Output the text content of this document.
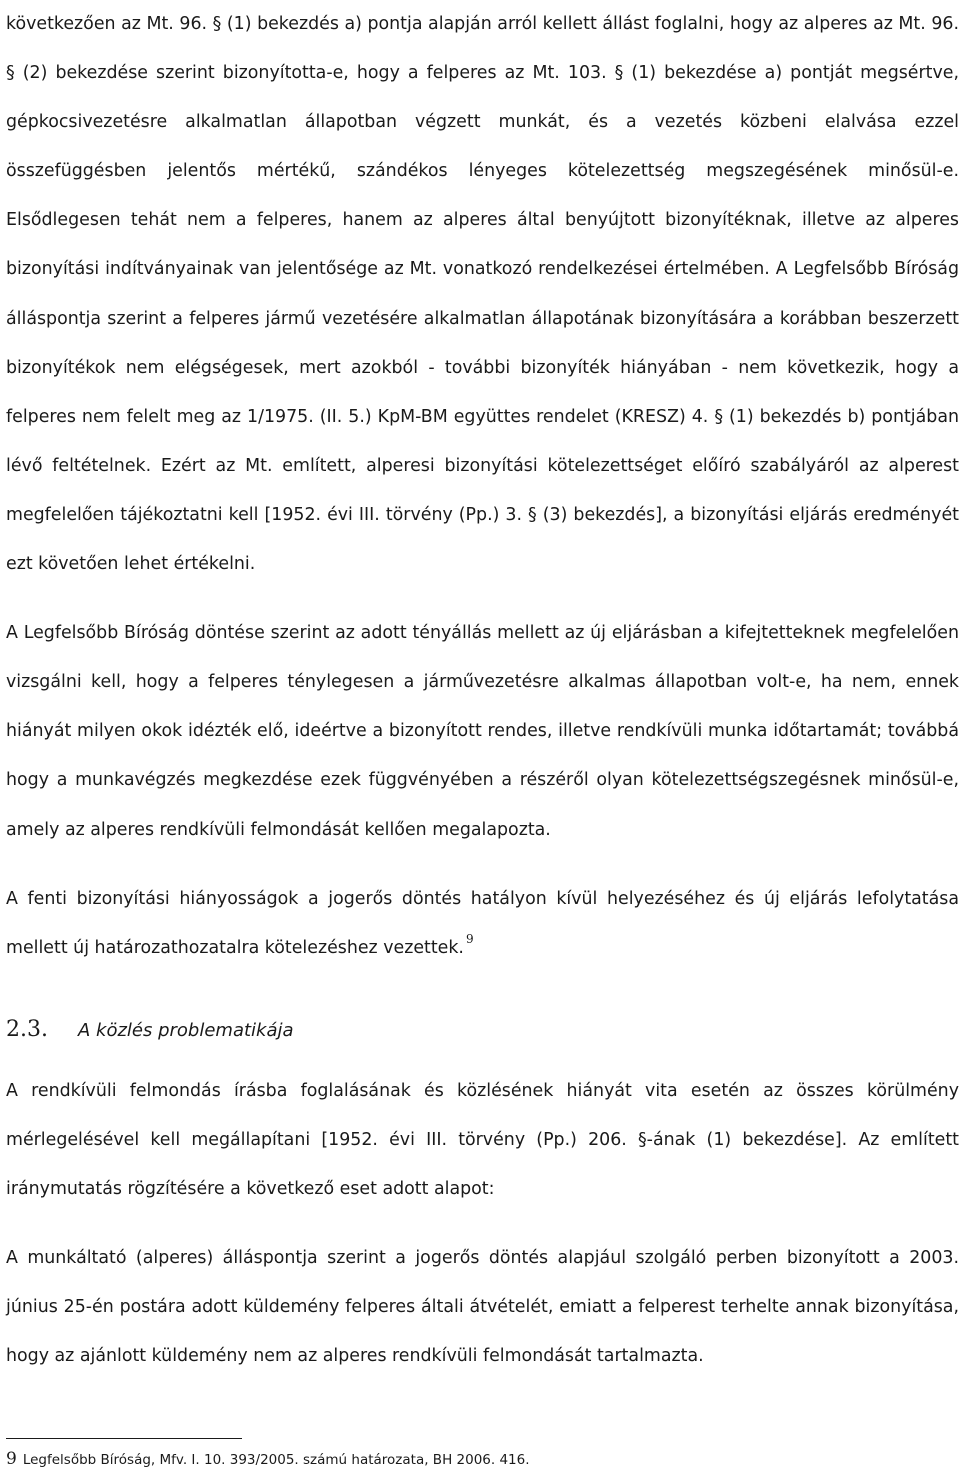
következően az Mt. 96. § (1) bekezdés a) pontja alapján arról kellett állást foglalni, hogy az alperes az Mt. 96. § (2) bekezdése szerint bizonyította-e, hogy a felperes az Mt. 103. § (1) bekezdése a) pontját megsértve, gépkocsivezetésre alkalmatlan állapotban végzett munkát, és a vezetés közbeni elalvása ezzel összefüggésben jelentős mértékű, szándékos lényeges kötelezettség megszegésének minősül-e. Elsődlegesen tehát nem a felperes, hanem az alperes által benyújtott bizonyítéknak, illetve az alperes bizonyítási indítványainak van jelentősége az Mt. vonatkozó rendelkezései értelmében. A Legfelsőbb Bíróság álláspontja szerint a felperes jármű vezetésére alkalmatlan állapotának bizonyítására a korábban beszerzett bizonyítékok nem elégségesek, mert azokból - további bizonyíték hiányában - nem következik, hogy a felperes nem felelt meg az 1/1975. (II. 5.) KpM-BM együttes rendelet (KRESZ) 4. § (1) bekezdés b) pontjában lévő feltételnek. Ezért az Mt. említett, alperesi bizonyítási kötelezettséget előíró szabályáról az alperest megfelelően tájékoztatni kell [1952. évi III. törvény (Pp.) 3. § (3) bekezdés], a bizonyítási eljárás eredményét ezt követően lehet értékelni.

A Legfelsőbb Bíróság döntése szerint az adott tényállás mellett az új eljárásban a kifejtetteknek megfelelően vizsgálni kell, hogy a felperes ténylegesen a járművezetésre alkalmas állapotban volt-e, ha nem, ennek hiányát milyen okok idézték elő, ideértve a bizonyított rendes, illetve rendkívüli munka időtartamát; továbbá hogy a munkavégzés megkezdése ezek függvényében a részéről olyan kötelezettségszegésnek minősül-e, amely az alperes rendkívüli felmondását kellően megalapozta.

A fenti bizonyítási hiányosságok a jogerős döntés hatályon kívül helyezéséhez és új eljárás lefolytatása mellett új határozathozatalra kötelezéshez vezettek. $^9$

2.3.	A közlés problematikája

A rendkívüli felmondás írásba foglalásának és közlésének hiányát vita esetén az összes körülmény mérlegelésével kell megállapítani [1952. évi III. törvény (Pp.) 206. §-ának (1) bekezdése]. Az említett iránymutatás rögzítésére a következő eset adott alapot:

A munkáltató (alperes) álláspontja szerint a jogerős döntés alapjául szolgáló perben bizonyított a 2003. június 25-én postára adott küldemény felperes általi átvételét, emiatt a felperest terhelte annak bizonyítása, hogy az ajánlott küldemény nem az alperes rendkívüli felmondását tartalmazta.

9 Legfelsőbb Bíróság, Mfv. I. 10. 393/2005. számú határozata, BH 2006. 416.
